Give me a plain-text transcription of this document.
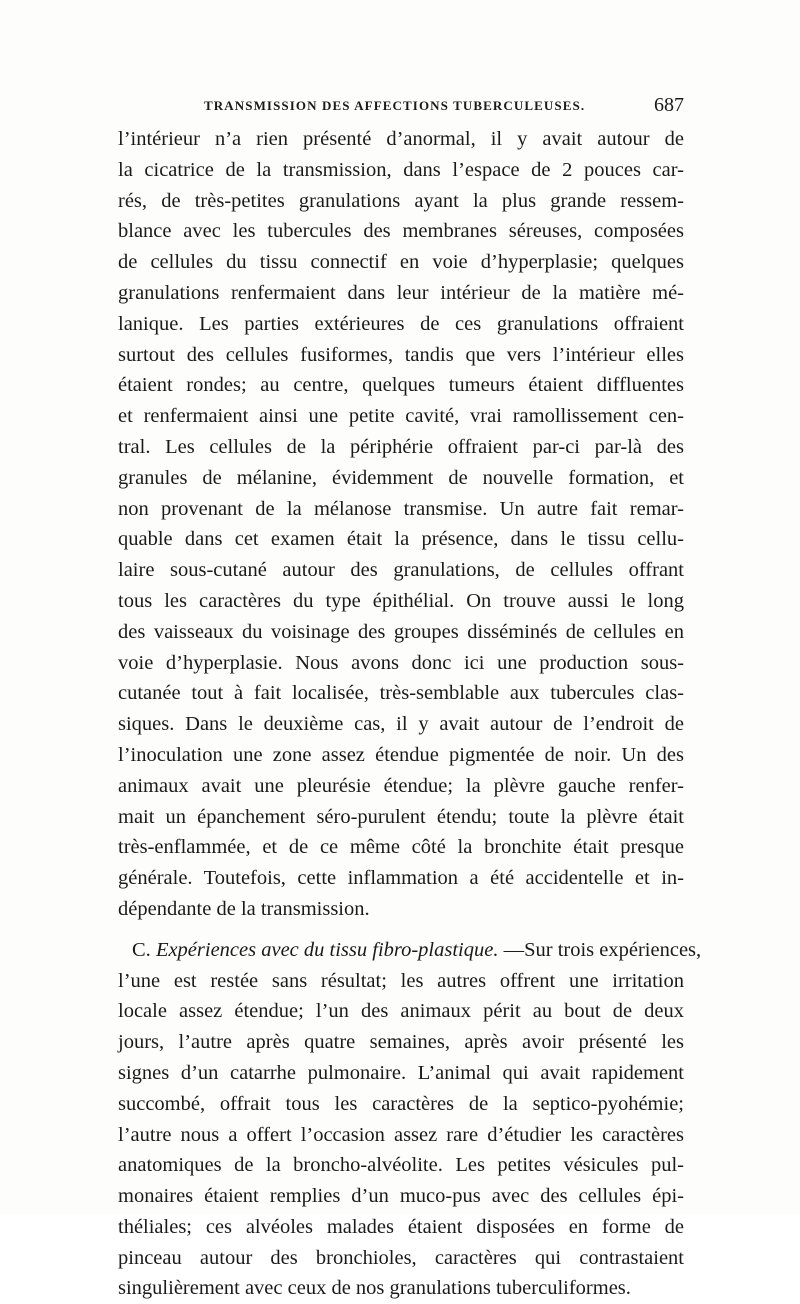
TRANSMISSION DES AFFECTIONS TUBERCULEUSES.	687
l’intérieur n’a rien présenté d’anormal, il y avait autour de
la cicatrice de la transmission, dans l’espace de 2 pouces car-
rés, de très-petites granulations ayant la plus grande ressem-
blance avec les tubercules des membranes séreuses, composées
de cellules du tissu connectif en voie d’hyperplasie; quelques
granulations renfermaient dans leur intérieur de la matière mé-
lanique. Les parties extérieures de ces granulations offraient
surtout des cellules fusiformes, tandis que vers l’intérieur elles
étaient rondes; au centre, quelques tumeurs étaient diffluentes
et renfermaient ainsi une petite cavité, vrai ramollissement cen-
tral. Les cellules de la périphérie offraient par-ci par-là des
granules de mélanine, évidemment de nouvelle formation, et
non provenant de la mélanose transmise. Un autre fait remar-
quable dans cet examen était la présence, dans le tissu cellu-
laire sous-cutané autour des granulations, de cellules offrant
tous les caractères du type épithélial. On trouve aussi le long
des vaisseaux du voisinage des groupes disséminés de cellules en
voie d’hyperplasie. Nous avons donc ici une production sous-
cutanée tout à fait localisée, très-semblable aux tubercules clas-
siques. Dans le deuxième cas, il y avait autour de l’endroit de
l’inoculation une zone assez étendue pigmentée de noir. Un des
animaux avait une pleurésie étendue; la plèvre gauche renfer-
mait un épanchement séro-purulent étendu; toute la plèvre était
très-enflammée, et de ce même côté la bronchite était presque
générale. Toutefois, cette inflammation a été accidentelle et in-
dépendante de la transmission.
C. Expériences avec du tissu fibro-plastique. —Sur trois expériences,
l’une est restée sans résultat; les autres offrent une irritation
locale assez étendue; l’un des animaux périt au bout de deux
jours, l’autre après quatre semaines, après avoir présenté les
signes d’un catarrhe pulmonaire. L’animal qui avait rapidement
succombé, offrait tous les caractères de la septico-pyohémie;
l’autre nous a offert l’occasion assez rare d’étudier les caractères
anatomiques de la broncho-alvéolite. Les petites vésicules pul-
monaires étaient remplies d’un muco-pus avec des cellules épi-
théliales; ces alvéoles malades étaient disposées en forme de
pinceau autour des bronchioles, caractères qui contrastaient
singulièrement avec ceux de nos granulations tuberculiformes.
